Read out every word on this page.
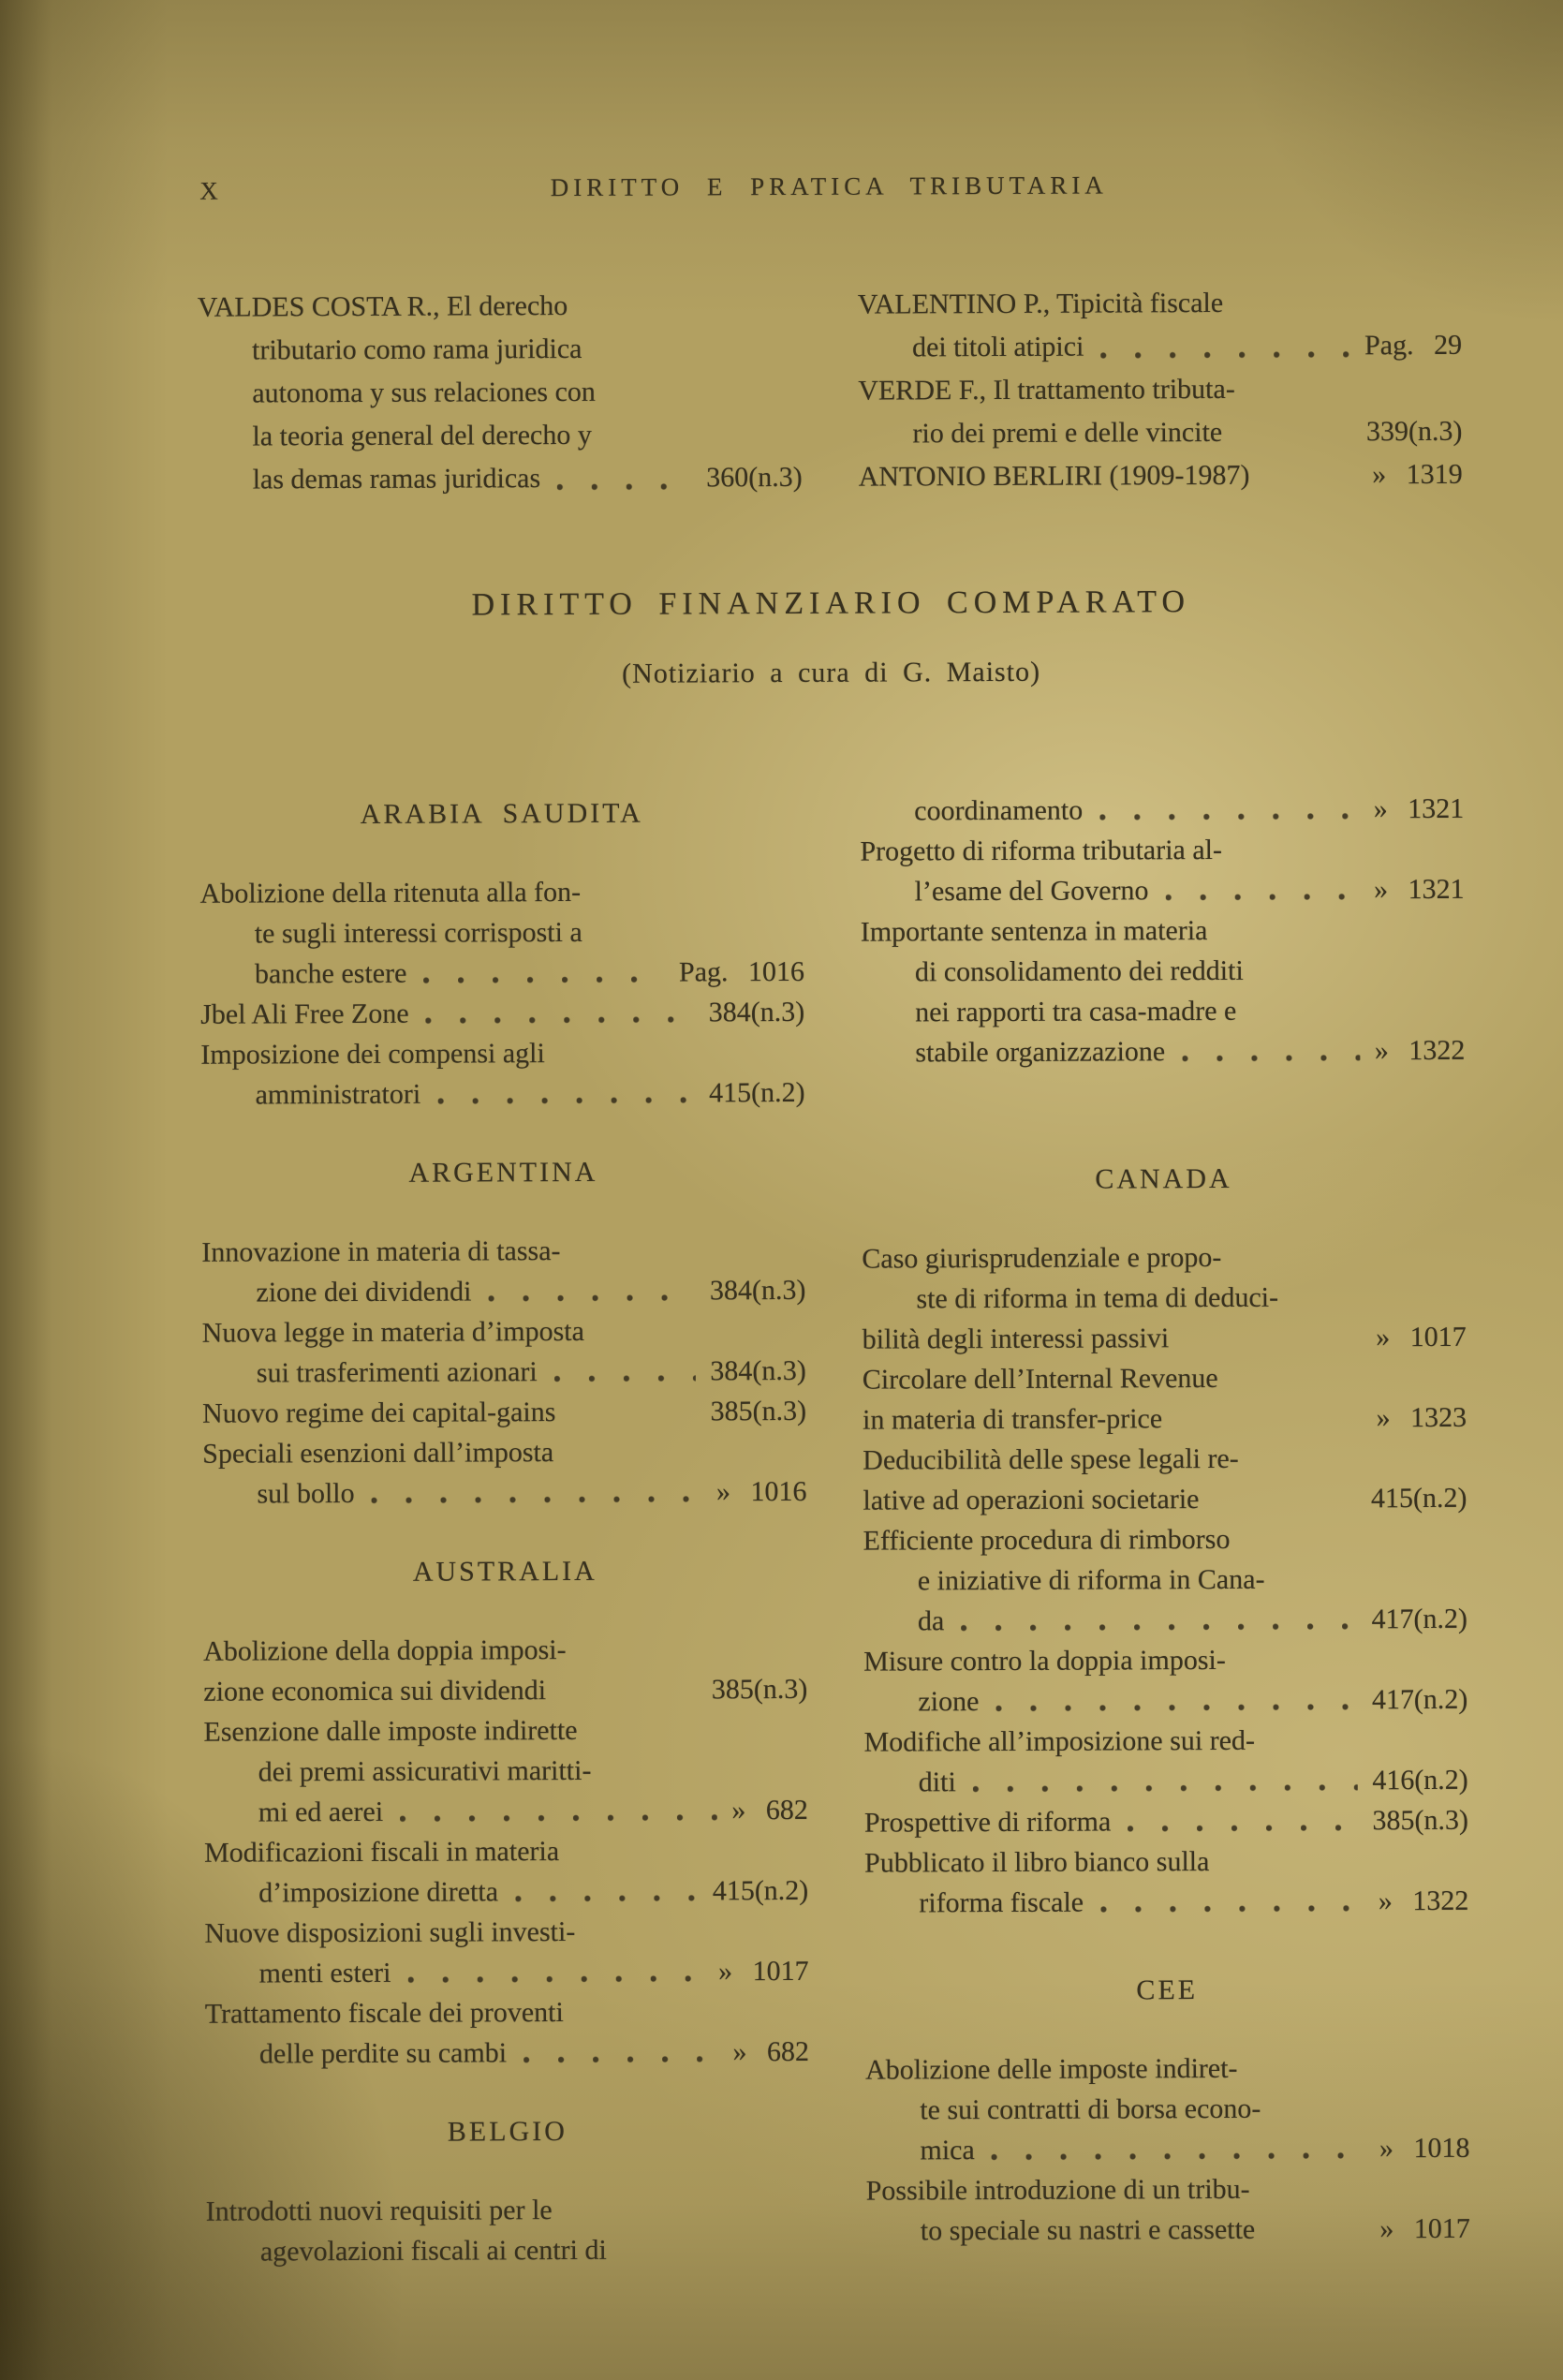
X	DIRITTO E PRATICA TRIBUTARIA
VALDES COSTA R., El derecho
tributario como rama juridica
autonoma y sus relaciones con
la teoria general del derecho y
las demas ramas juridicas	360(n.3)
VALENTINO P., Tipicità fiscale
dei titoli atipici	Pag. 29
VERDE F., Il trattamento tributa-
rio dei premi e delle vincite	339(n.3)
ANTONIO BERLIRI (1909-1987)	» 1319
DIRITTO FINANZIARIO COMPARATO
(Notiziario a cura di G. Maisto)
ARABIA SAUDITA
Abolizione della ritenuta alla fon-
te sugli interessi corrisposti a
banche estere	Pag. 1016
Jbel Ali Free Zone	384(n.3)
Imposizione dei compensi agli
amministratori	415(n.2)
ARGENTINA
Innovazione in materia di tassa-
zione dei dividendi	384(n.3)
Nuova legge in materia d’imposta
sui trasferimenti azionari	384(n.3)
Nuovo regime dei capital-gains	385(n.3)
Speciali esenzioni dall’imposta
sul bollo	» 1016
AUSTRALIA
Abolizione della doppia imposi-
zione economica sui dividendi	385(n.3)
Esenzione dalle imposte indirette
dei premi assicurativi maritti-
mi ed aerei	» 682
Modificazioni fiscali in materia
d’imposizione diretta	415(n.2)
Nuove disposizioni sugli investi-
menti esteri	» 1017
Trattamento fiscale dei proventi
delle perdite su cambi	» 682
BELGIO
Introdotti nuovi requisiti per le
agevolazioni fiscali ai centri di
coordinamento	» 1321
Progetto di riforma tributaria al-
l’esame del Governo	» 1321
Importante sentenza in materia
di consolidamento dei redditi
nei rapporti tra casa-madre e
stabile organizzazione	» 1322
CANADA
Caso giurisprudenziale e propo-
ste di riforma in tema di deduci-
bilità degli interessi passivi	» 1017
Circolare dell’Internal Revenue
in materia di transfer-price	» 1323
Deducibilità delle spese legali re-
lative ad operazioni societarie	415(n.2)
Efficiente procedura di rimborso
e iniziative di riforma in Cana-
da	417(n.2)
Misure contro la doppia imposi-
zione	417(n.2)
Modifiche all’imposizione sui red-
diti	416(n.2)
Prospettive di riforma	385(n.3)
Pubblicato il libro bianco sulla
riforma fiscale	» 1322
CEE
Abolizione delle imposte indiret-
te sui contratti di borsa econo-
mica	» 1018
Possibile introduzione di un tribu-
to speciale su nastri e cassette	» 1017
